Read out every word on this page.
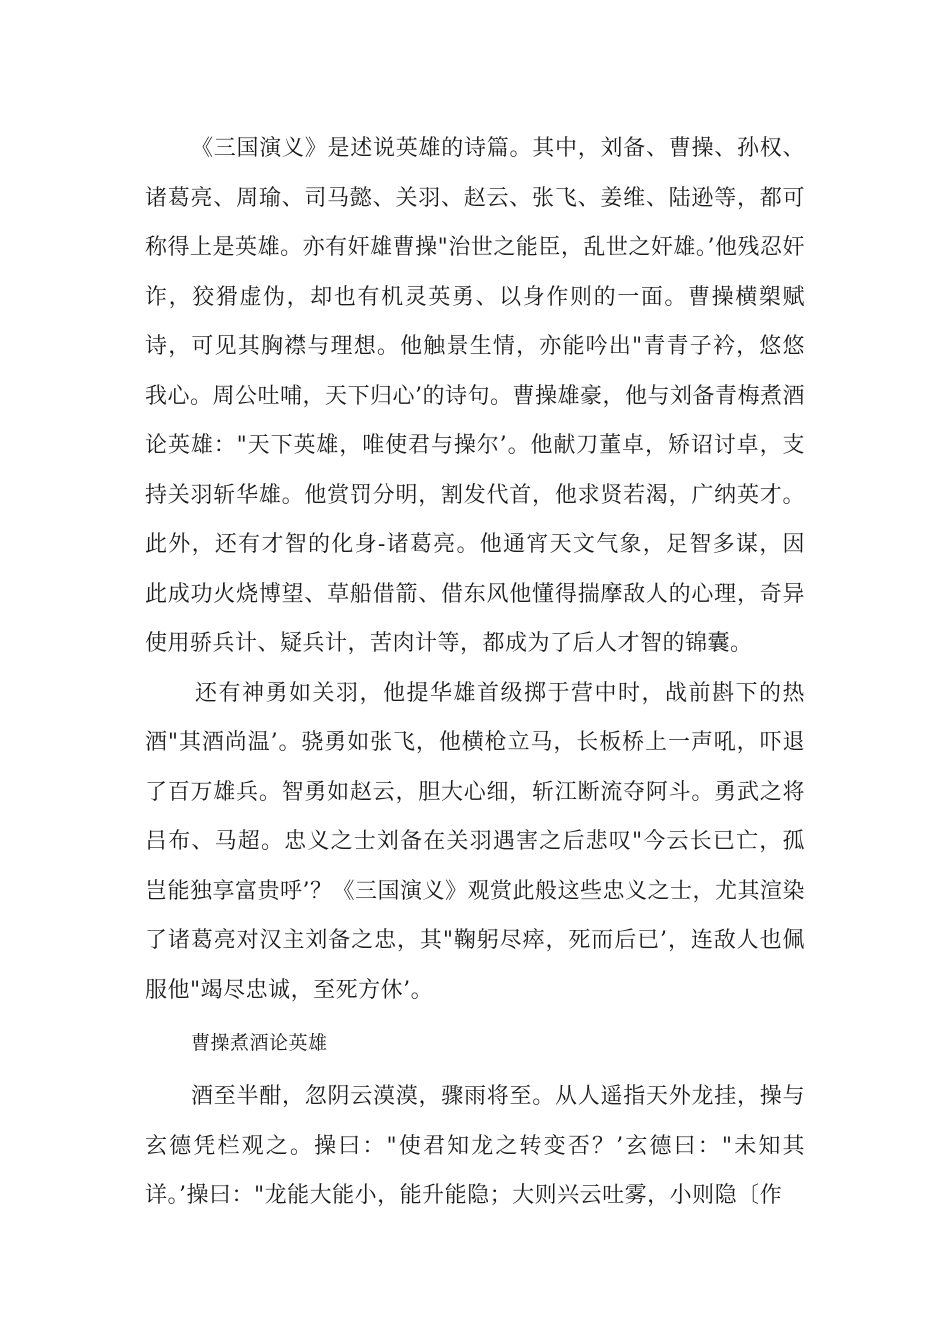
《三国演义》是述说英雄的诗篇。其中，刘备、曹操、孙权、诸葛亮、周瑜、司马懿、关羽、赵云、张飞、姜维、陆逊等，都可称得上是英雄。亦有奸雄曹操"治世之能臣，乱世之奸雄。’他残忍奸诈，狡猾虚伪，却也有机灵英勇、以身作则的一面。曹操横槊赋诗，可见其胸襟与理想。他触景生情，亦能吟出"青青子衿，悠悠我心。周公吐哺，天下归心’的诗句。曹操雄豪，他与刘备青梅煮酒论英雄："天下英雄，唯使君与操尔’。他献刀董卓，矫诏讨卓，支持关羽斩华雄。他赏罚分明，割发代首，他求贤若渴，广纳英才。此外，还有才智的化身-诸葛亮。他通宵天文气象，足智多谋，因此成功火烧博望、草船借箭、借东风他懂得揣摩敌人的心理，奇异使用骄兵计、疑兵计，苦肉计等，都成为了后人才智的锦囊。

还有神勇如关羽，他提华雄首级掷于营中时，战前斟下的热酒"其酒尚温’。骁勇如张飞，他横枪立马，长板桥上一声吼，吓退了百万雄兵。智勇如赵云，胆大心细，斩江断流夺阿斗。勇武之将吕布、马超。忠义之士刘备在关羽遇害之后悲叹"今云长已亡，孤岂能独享富贵呼’？《三国演义》观赏此般这些忠义之士，尤其渲染了诸葛亮对汉主刘备之忠，其"鞠躬尽瘁，死而后已’，连敌人也佩服他"竭尽忠诚，至死方休’。

曹操煮酒论英雄

酒至半酣，忽阴云漠漠，骤雨将至。从人遥指天外龙挂，操与玄德凭栏观之。操曰："使君知龙之转变否？’玄德曰："未知其详。’操曰："龙能大能小，能升能隐；大则兴云吐雾，小则隐〔作
